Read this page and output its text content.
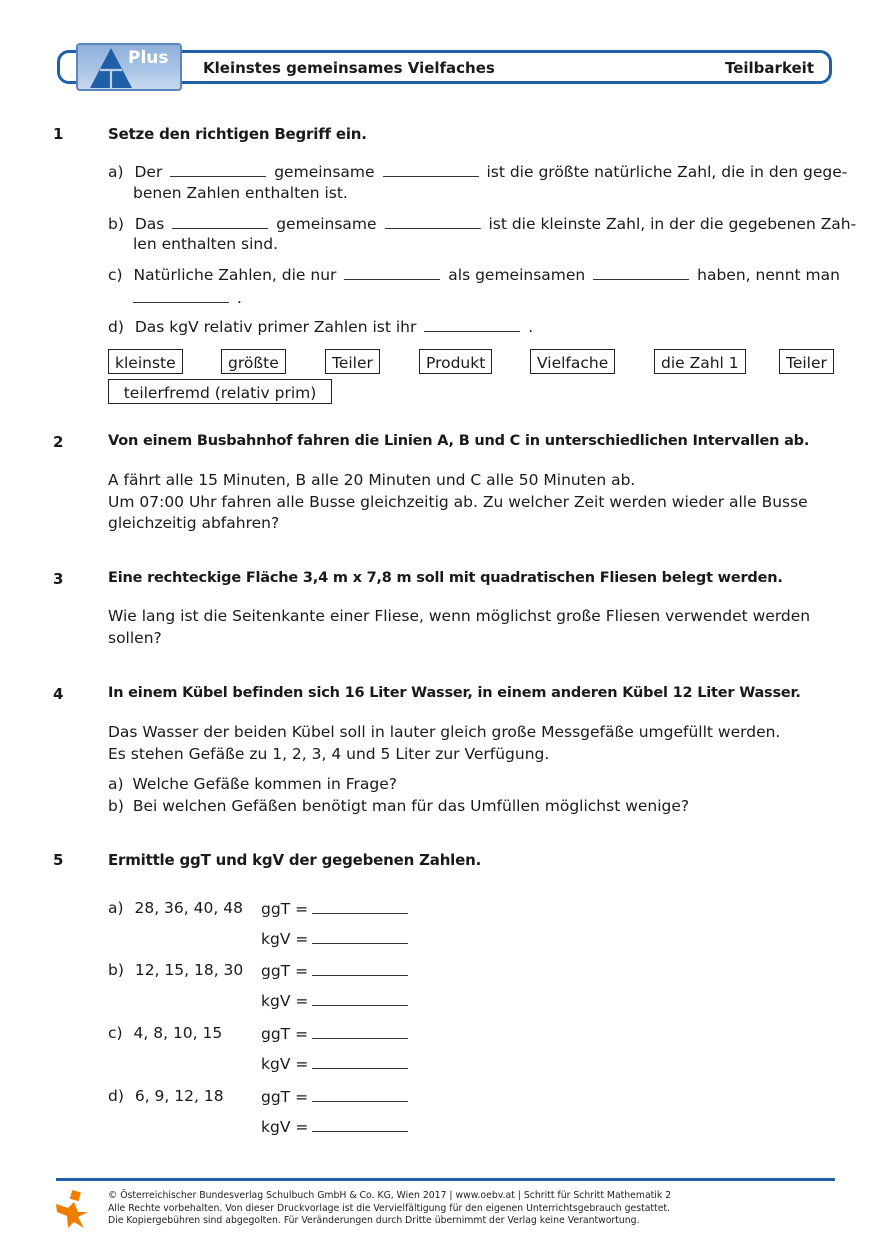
Plus Kleinstes gemeinsames Vielfaches	Teilbarkeit
1	Setze den richtigen Begriff ein.
a) Der	gemeinsame	ist die größte natürliche Zahl, die in den gege-
benen Zahlen enthalten ist.
b) Das	gemeinsame	ist die kleinste Zahl, in der die gegebenen Zah-
len enthalten sind.
c) Natürliche Zahlen, die nur	als gemeinsamen	haben, nennt man
.
d) Das kgV relativ primer Zahlen ist ihr	.
kleinste	größte	Teiler	Produkt	Vielfache	die Zahl 1	Teiler
teilerfremd (relativ prim)
2	Von einem Busbahnhof fahren die Linien A, B und C in unterschiedlichen Intervallen ab.
A fährt alle 15 Minuten, B alle 20 Minuten und C alle 50 Minuten ab.
Um 07:00 Uhr fahren alle Busse gleichzeitig ab. Zu welcher Zeit werden wieder alle Busse
gleichzeitig abfahren?
3	Eine rechteckige Fläche 3,4 m x 7,8 m soll mit quadratischen Fliesen belegt werden.
Wie lang ist die Seitenkante einer Fliese, wenn möglichst große Fliesen verwendet werden
sollen?
4	In einem Kübel befinden sich 16 Liter Wasser, in einem anderen Kübel 12 Liter Wasser.
Das Wasser der beiden Kübel soll in lauter gleich große Messgefäße umgefüllt werden.
Es stehen Gefäße zu 1, 2, 3, 4 und 5 Liter zur Verfügung.
a) Welche Gefäße kommen in Frage?
b) Bei welchen Gefäßen benötigt man für das Umfüllen möglichst wenige?
5	Ermittle ggT und kgV der gegebenen Zahlen.
a) 28, 36, 40, 48 ggT =
kgV =
b) 12, 15, 18, 30 ggT =
kgV =
c) 4, 8, 10, 15	ggT =
kgV =
d) 6, 9, 12, 18 ggT =
kgV =
© Österreichischer Bundesverlag Schulbuch GmbH & Co. KG, Wien 2017 | www.oebv.at | Schritt für Schritt Mathematik 2
Alle Rechte vorbehalten. Von dieser Druckvorlage ist die Vervielfältigung für den eigenen Unterrichtsgebrauch gestattet.
Die Kopiergebühren sind abgegolten. Für Veränderungen durch Dritte übernimmt der Verlag keine Verantwortung.
